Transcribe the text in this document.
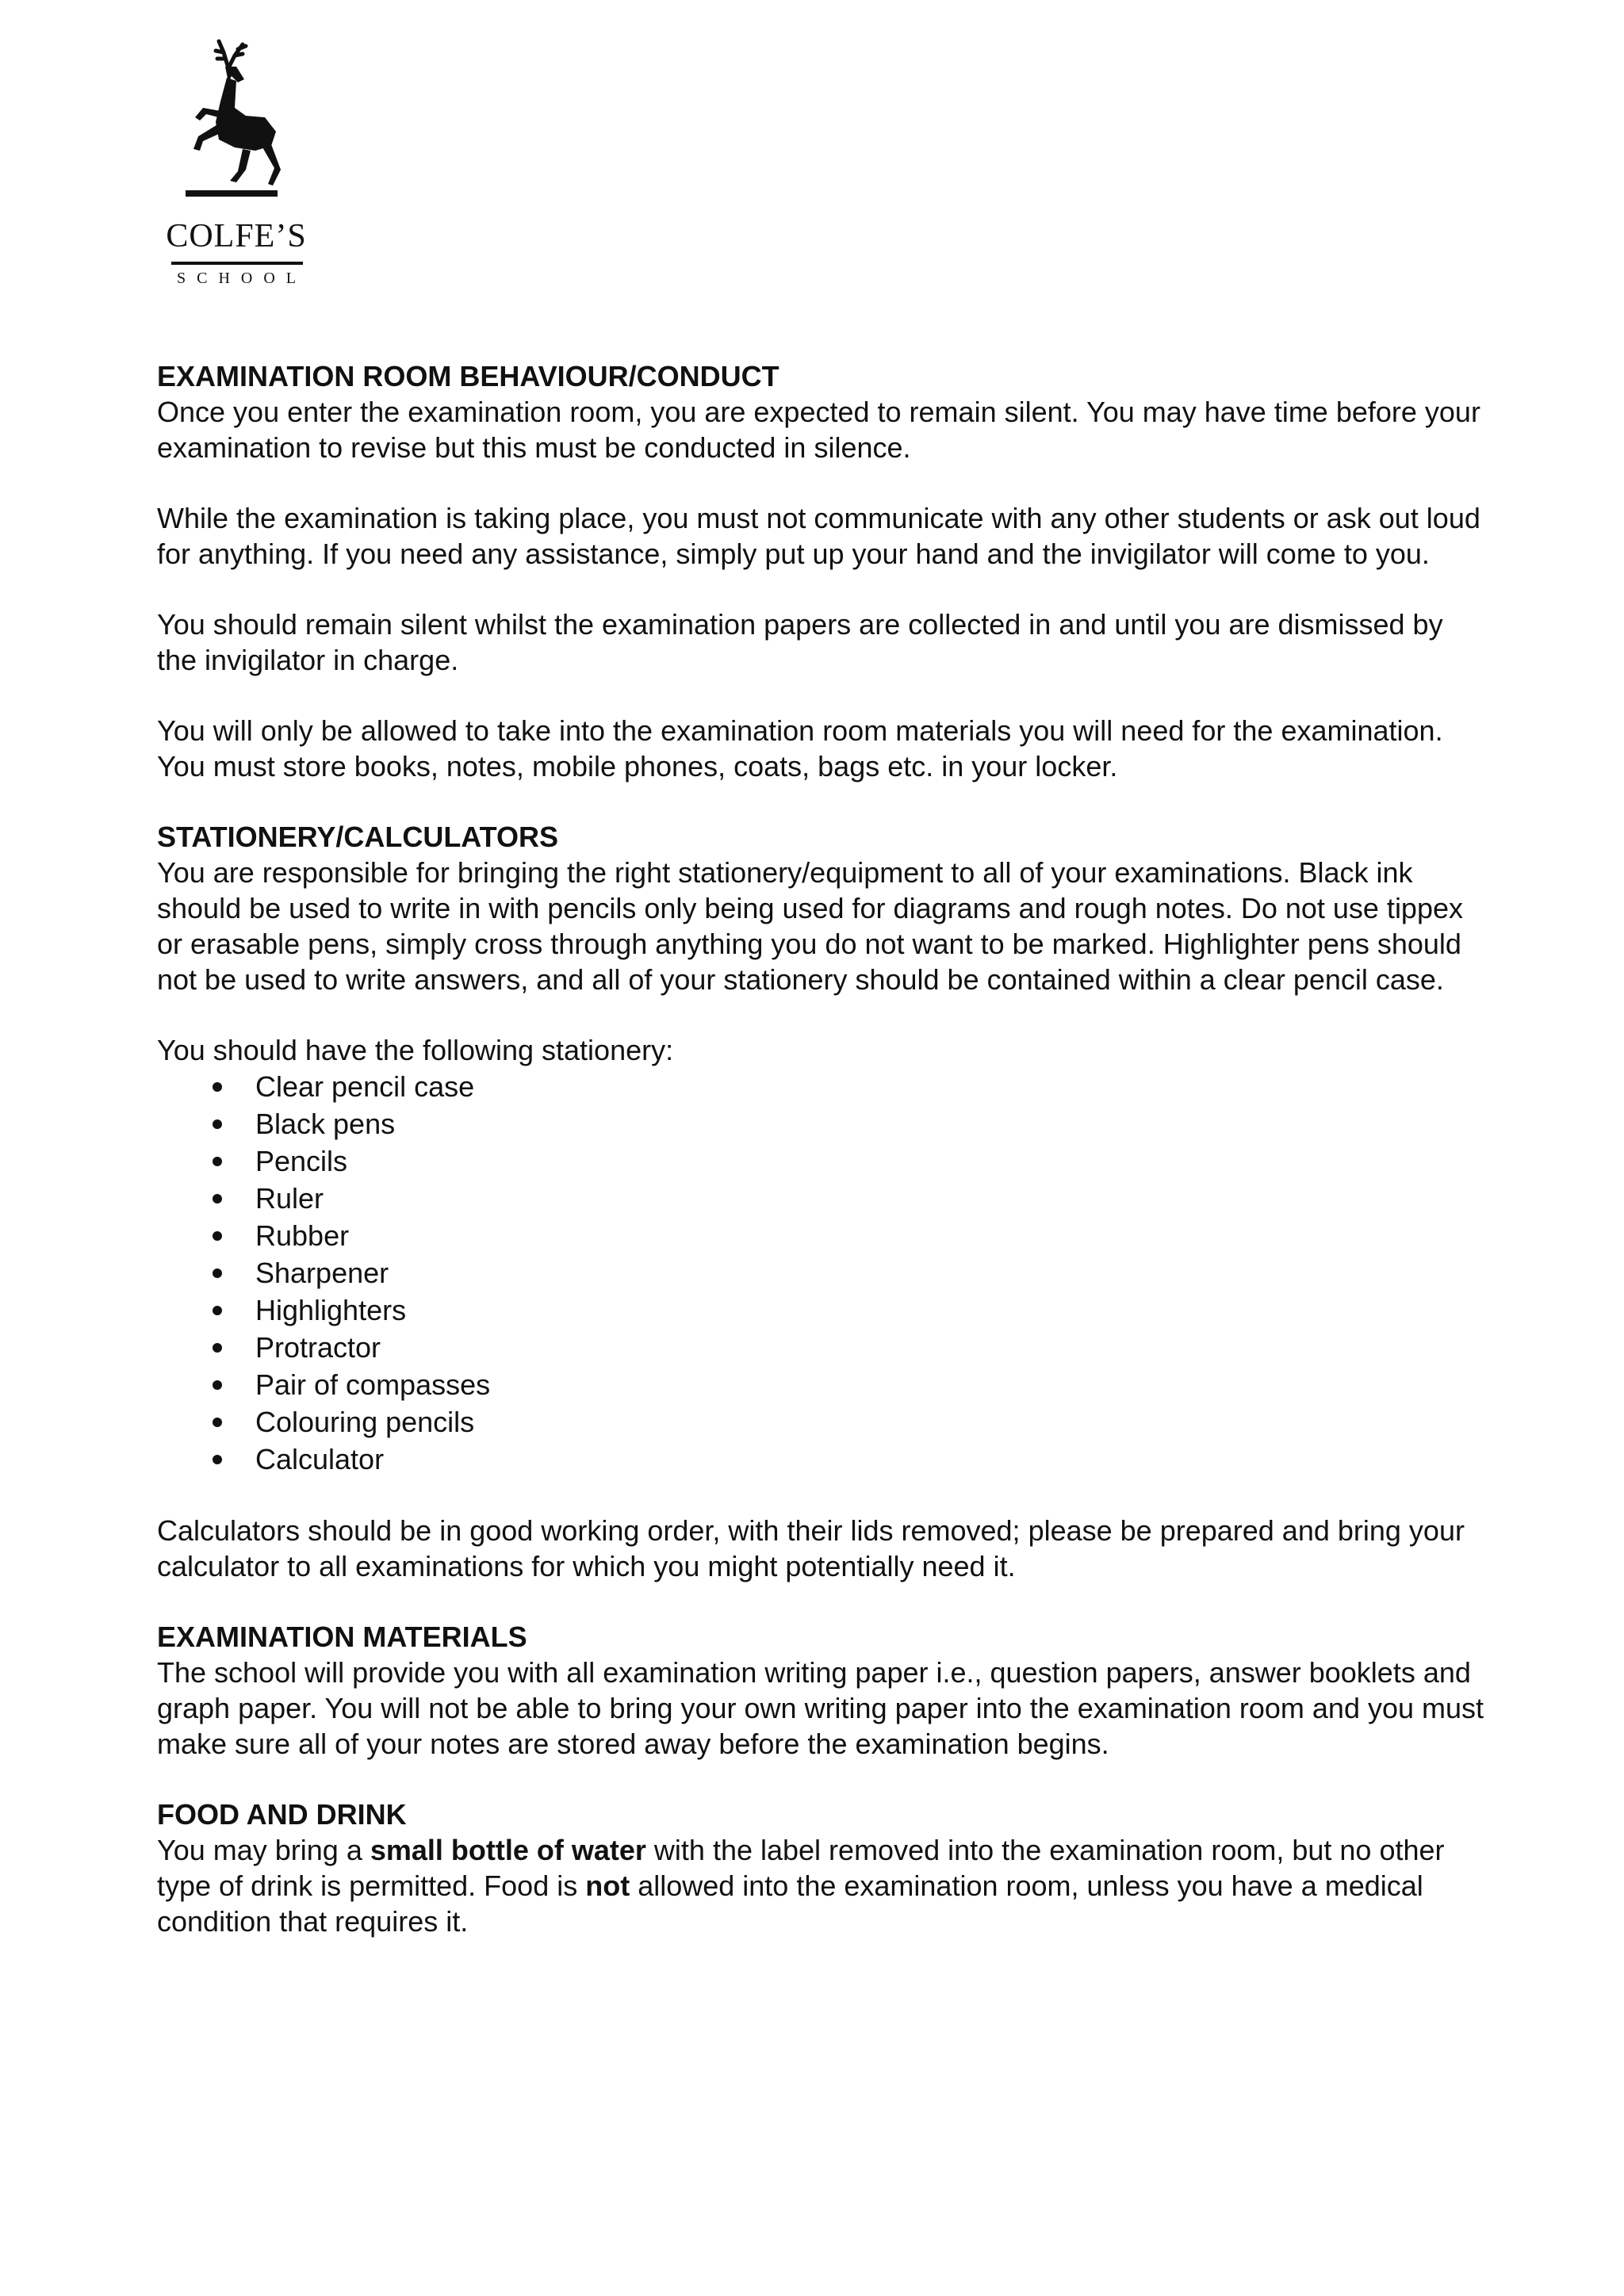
COLFE’S
SCHOOL
EXAMINATION ROOM BEHAVIOUR/CONDUCT

Once you enter the examination room, you are expected to remain silent. You may have time before your examination to revise but this must be conducted in silence.

While the examination is taking place, you must not communicate with any other students or ask out loud for anything. If you need any assistance, simply put up your hand and the invigilator will come to you.

You should remain silent whilst the examination papers are collected in and until you are dismissed by the invigilator in charge.

You will only be allowed to take into the examination room materials you will need for the examination. You must store books, notes, mobile phones, coats, bags etc. in your locker.

STATIONERY/CALCULATORS

You are responsible for bringing the right stationery/equipment to all of your examinations. Black ink should be used to write in with pencils only being used for diagrams and rough notes. Do not use tippex or erasable pens, simply cross through anything you do not want to be marked. Highlighter pens should not be used to write answers, and all of your stationery should be contained within a clear pencil case.

You should have the following stationery:

Clear pencil case
Black pens
Pencils
Ruler
Rubber
Sharpener
Highlighters
Protractor
Pair of compasses
Colouring pencils
Calculator

Calculators should be in good working order, with their lids removed; please be prepared and bring your calculator to all examinations for which you might potentially need it.

EXAMINATION MATERIALS

The school will provide you with all examination writing paper i.e., question papers, answer booklets and graph paper. You will not be able to bring your own writing paper into the examination room and you must make sure all of your notes are stored away before the examination begins.

FOOD AND DRINK

You may bring a small bottle of water with the label removed into the examination room, but no other type of drink is permitted. Food is not allowed into the examination room, unless you have a medical condition that requires it.
